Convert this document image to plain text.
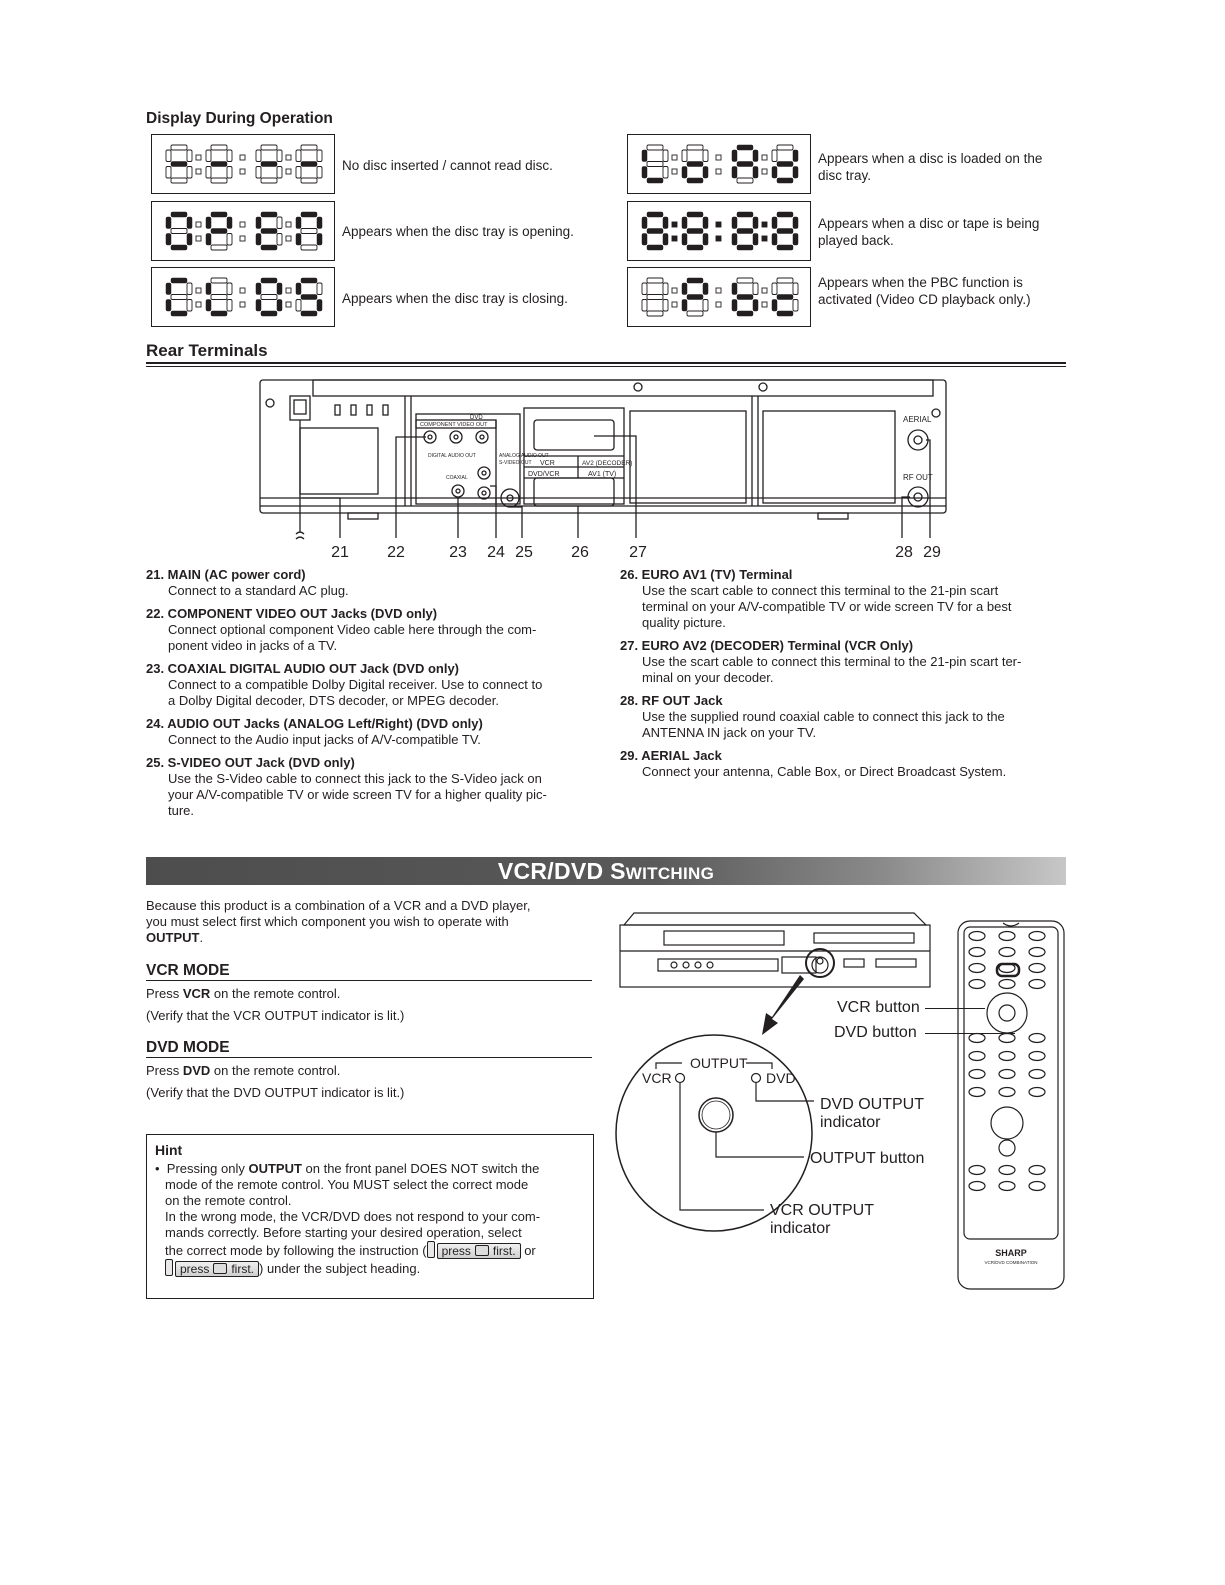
Display During Operation
No disc inserted / cannot read disc.
Appears when the disc tray is opening.
Appears when the disc tray is closing.
Appears when a disc is loaded on the disc tray.
Appears when a disc or tape is being played back.
Appears when the PBC function is activated (Video CD playback only.)
Rear Terminals
DVD
COMPONENT VIDEO OUT
DIGITAL AUDIO OUT	ANALOG AUDIO OUT
S-VIDEO OUT
COAXIAL
VCR	AV2 (DECODER)
DVD/VCR	AV1 (TV)
AERIAL
RF OUT
21 22	23 24 25 26	27	28 29
21. MAIN (AC power cord)
Connect to a standard AC plug.
22. COMPONENT VIDEO OUT Jacks (DVD only)
Connect optional component Video cable here through the com-
ponent video in jacks of a TV.
23. COAXIAL DIGITAL AUDIO OUT Jack (DVD only)
Connect to a compatible Dolby Digital receiver. Use to connect to
a Dolby Digital decoder, DTS decoder, or MPEG decoder.
24. AUDIO OUT Jacks (ANALOG Left/Right) (DVD only)
Connect to the Audio input jacks of A/V-compatible TV.
25. S-VIDEO OUT Jack (DVD only)
Use the S-Video cable to connect this jack to the S-Video jack on
your A/V-compatible TV or wide screen TV for a higher quality pic-
ture.
26. EURO AV1 (TV) Terminal
Use the scart cable to connect this terminal to the 21-pin scart
terminal on your A/V-compatible TV or wide screen TV for a best
quality picture.
27. EURO AV2 (DECODER) Terminal (VCR Only)
Use the scart cable to connect this terminal to the 21-pin scart ter-
minal on your decoder.
28. RF OUT Jack
Use the supplied round coaxial cable to connect this jack to the
ANTENNA IN jack on your TV.
29. AERIAL Jack
Connect your antenna, Cable Box, or Direct Broadcast System.
VCR/DVD SWITCHING
Because this product is a combination of a VCR and a DVD player,
you must select first which component you wish to operate with
OUTPUT.
VCR MODE
Press VCR on the remote control.
(Verify that the VCR OUTPUT indicator is lit.)
DVD MODE
Press DVD on the remote control.
(Verify that the DVD OUTPUT indicator is lit.)
Hint
• Pressing only OUTPUT on the front panel DOES NOT switch the
mode of the remote control. You MUST select the correct mode
on the remote control.
In the wrong mode, the VCR/DVD does not respond to your com-
mands correctly. Before starting your desired operation, select
the correct mode by following the instruction ( press first. or
press first. ) under the subject heading.
OUTPUT
VCR	DVD
DVD OUTPUT
indicator
OUTPUT button
VCR OUTPUT
indicator
VCR button
DVD button
SHARP
VCR/DVD COMBINATION
